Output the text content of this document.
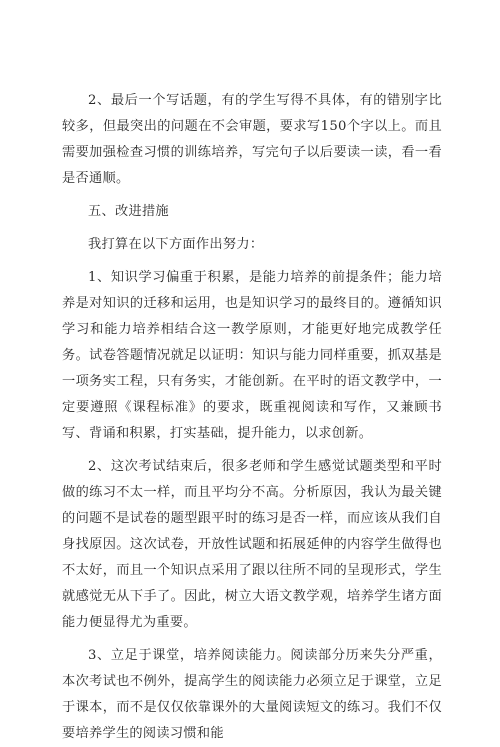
2、最后一个写话题，有的学生写得不具体，有的错别字比较多，但最突出的问题在不会审题，要求写150个字以上。而且需要加强检查习惯的训练培养，写完句子以后要读一读，看一看是否通顺。

五、改进措施

我打算在以下方面作出努力：

1、知识学习偏重于积累，是能力培养的前提条件；能力培养是对知识的迁移和运用，也是知识学习的最终目的。遵循知识学习和能力培养相结合这一教学原则，才能更好地完成教学任务。试卷答题情况就足以证明：知识与能力同样重要，抓双基是一项务实工程，只有务实，才能创新。在平时的语文教学中，一定要遵照《课程标准》的要求，既重视阅读和写作，又兼顾书写、背诵和积累，打实基础，提升能力，以求创新。

2、这次考试结束后，很多老师和学生感觉试题类型和平时做的练习不太一样，而且平均分不高。分析原因，我认为最关键的问题不是试卷的题型跟平时的练习是否一样，而应该从我们自身找原因。这次试卷，开放性试题和拓展延伸的内容学生做得也不太好，而且一个知识点采用了跟以往所不同的呈现形式，学生就感觉无从下手了。因此，树立大语文教学观，培养学生诸方面能力便显得尤为重要。

3、立足于课堂，培养阅读能力。阅读部分历来失分严重，本次考试也不例外，提高学生的阅读能力必须立足于课堂，立足于课本，而不是仅仅依靠课外的大量阅读短文的练习。我们不仅要培养学生的阅读习惯和能
